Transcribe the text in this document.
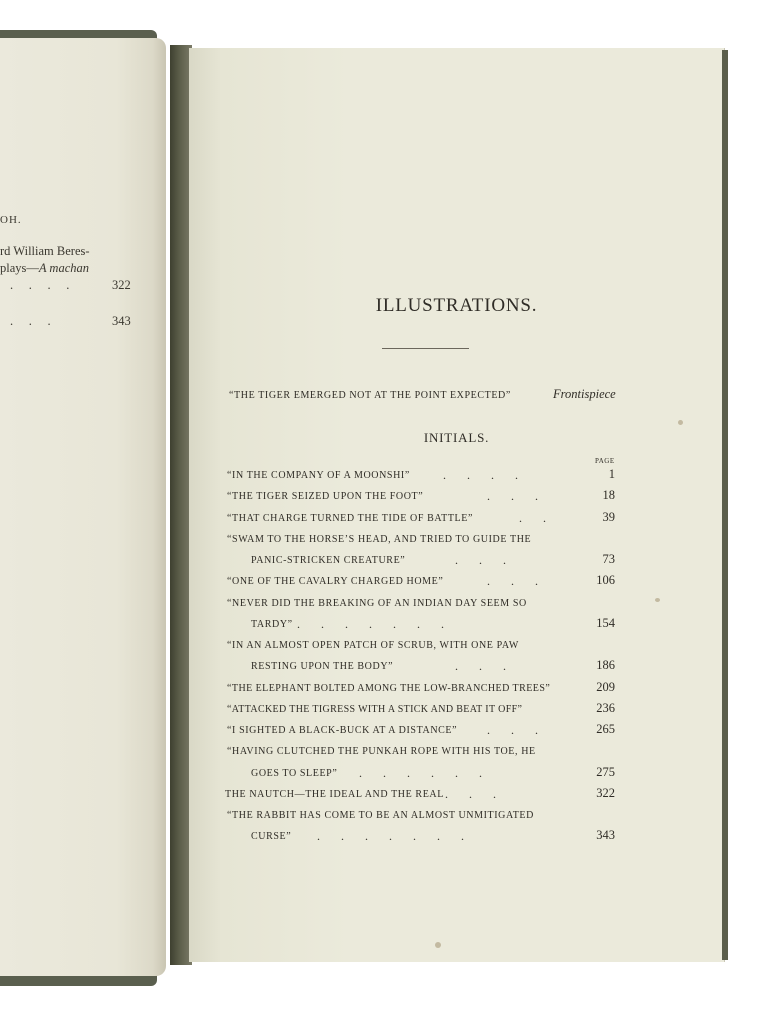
OH.
rd William Beres-
plays—A machan
.     .     .     .	322
.     .     .	343
ILLUSTRATIONS.
“THE TIGER EMERGED NOT AT THE POINT EXPECTED”	Frontispiece
INITIALS.
PAGE
“IN THE COMPANY OF A MOONSHI”	.       .       .       .	1
“THE TIGER SEIZED UPON THE FOOT”	.       .       .	18
“THAT CHARGE TURNED THE TIDE OF BATTLE”	.       .	39
“SWAM TO THE HORSE’S HEAD, AND TRIED TO GUIDE THE
PANIC-STRICKEN CREATURE”	.       .       .	73
“ONE OF THE CAVALRY CHARGED HOME”	.       .       .	106
“NEVER DID THE BREAKING OF AN INDIAN DAY SEEM SO
TARDY” .       .       .       .       .       .       .	154
“IN AN ALMOST OPEN PATCH OF SCRUB, WITH ONE PAW
RESTING UPON THE BODY”	.       .       .	186
“THE ELEPHANT BOLTED AMONG THE LOW-BRANCHED TREES”	209
“ATTACKED THE TIGRESS WITH A STICK AND BEAT IT OFF”	236
“I SIGHTED A BLACK-BUCK AT A DISTANCE” .       .       .	265
“HAVING CLUTCHED THE PUNKAH ROPE WITH HIS TOE, HE
GOES TO SLEEP” .       .       .       .       .       .	275
THE NAUTCH—THE IDEAL AND THE REAL .       .       .	322
“THE RABBIT HAS COME TO BE AN ALMOST UNMITIGATED
CURSE” .       .       .       .       .       .       .	343
